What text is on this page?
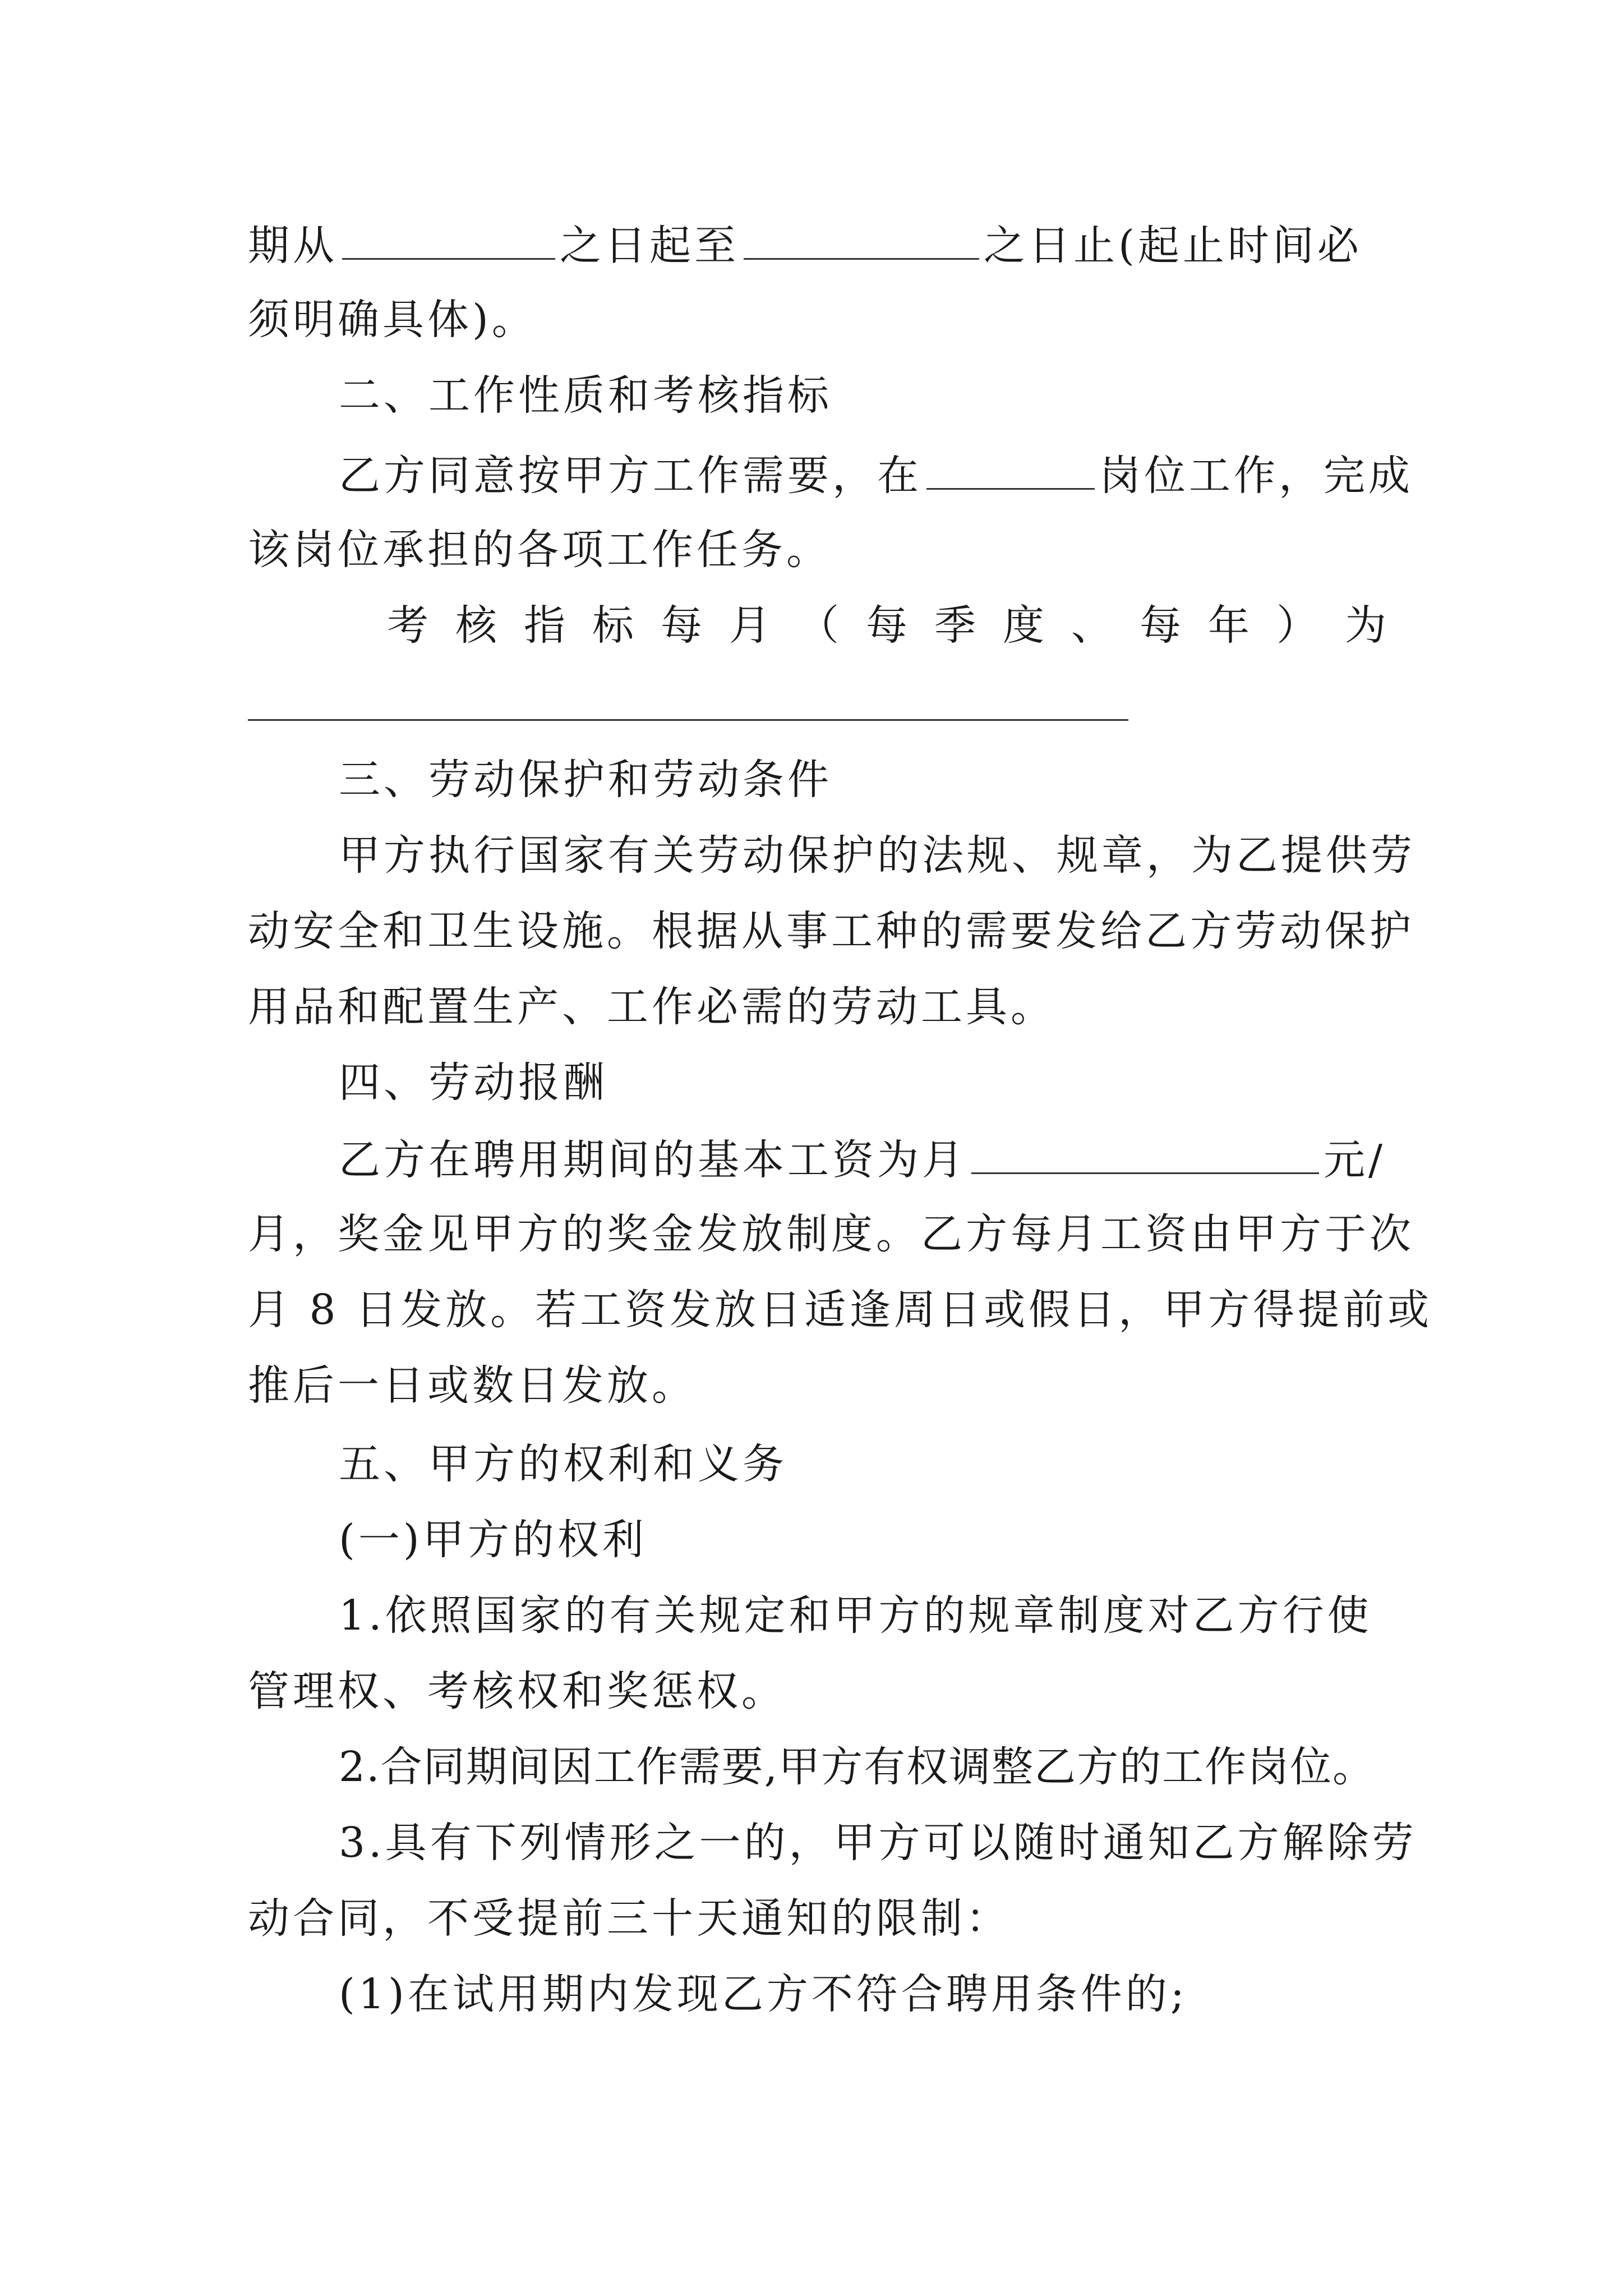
期从	之日起至	之日止(起止时间必
须明确具体)。
二、工作性质和考核指标
乙方同意按甲方工作需要，在	岗位工作，完成
该岗位承担的各项工作任务。
考 核 指 标 每 月 （ 每 季 度 、 每 年 ） 为
三、劳动保护和劳动条件
甲方执行国家有关劳动保护的法规、规章，为乙提供劳
动安全和卫生设施。根据从事工种的需要发给乙方劳动保护
用品和配置生产、工作必需的劳动工具。
四、劳动报酬
乙方在聘用期间的基本工资为月	元/
月，奖金见甲方的奖金发放制度。乙方每月工资由甲方于次
月 8 日发放。若工资发放日适逢周日或假日，甲方得提前或
推后一日或数日发放。
五、甲方的权利和义务
(一)甲方的权利
1.依照国家的有关规定和甲方的规章制度对乙方行使
管理权、考核权和奖惩权。
2.合同期间因工作需要,甲方有权调整乙方的工作岗位。
3.具有下列情形之一的，甲方可以随时通知乙方解除劳
动合同，不受提前三十天通知的限制：
(1)在试用期内发现乙方不符合聘用条件的;
